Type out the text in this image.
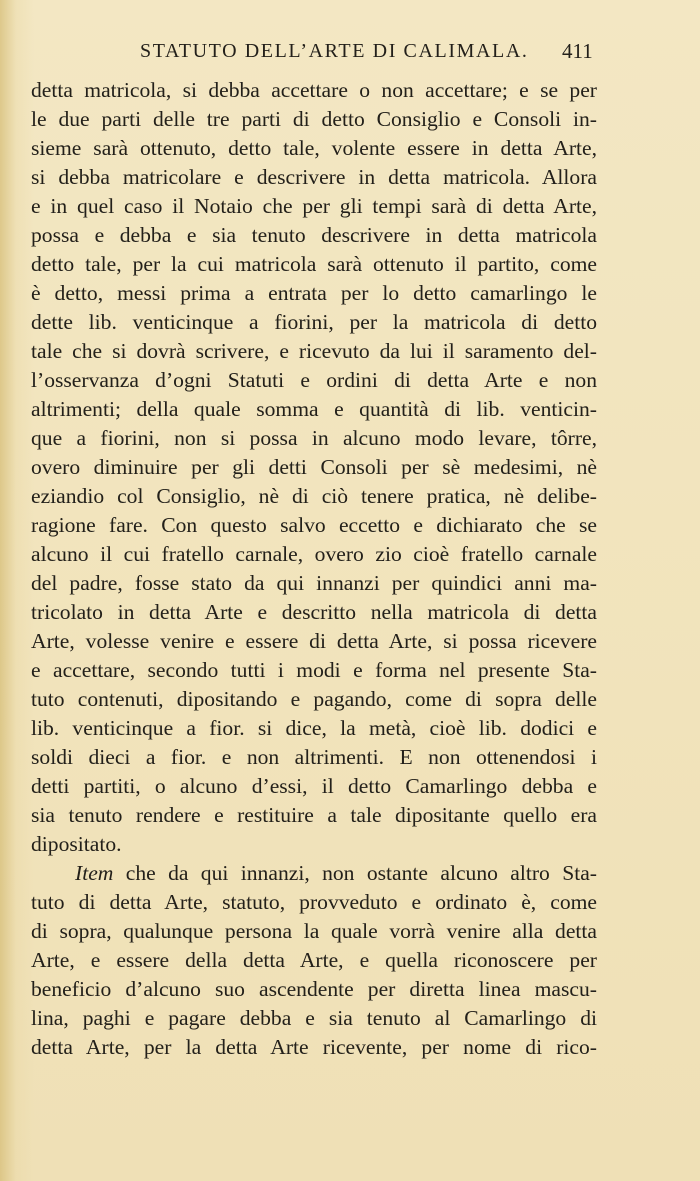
STATUTO DELL’ARTE DI CALIMALA. 411
detta matricola, si debba accettare o non accettare; e se per
le due parti delle tre parti di detto Consiglio e Consoli in-
sieme sarà ottenuto, detto tale, volente essere in detta Arte,
si debba matricolare e descrivere in detta matricola. Allora
e in quel caso il Notaio che per gli tempi sarà di detta Arte,
possa e debba e sia tenuto descrivere in detta matricola
detto tale, per la cui matricola sarà ottenuto il partito, come
è detto, messi prima a entrata per lo detto camarlingo le
dette lib. venticinque a fiorini, per la matricola di detto
tale che si dovrà scrivere, e ricevuto da lui il saramento del-
l’osservanza d’ogni Statuti e ordini di detta Arte e non
altrimenti; della quale somma e quantità di lib. venticin-
que a fiorini, non si possa in alcuno modo levare, tôrre,
overo diminuire per gli detti Consoli per sè medesimi, nè
eziandio col Consiglio, nè di ciò tenere pratica, nè delibe-
ragione fare. Con questo salvo eccetto e dichiarato che se
alcuno il cui fratello carnale, overo zio cioè fratello carnale
del padre, fosse stato da qui innanzi per quindici anni ma-
tricolato in detta Arte e descritto nella matricola di detta
Arte, volesse venire e essere di detta Arte, si possa ricevere
e accettare, secondo tutti i modi e forma nel presente Sta-
tuto contenuti, dipositando e pagando, come di sopra delle
lib. venticinque a fior. si dice, la metà, cioè lib. dodici e
soldi dieci a fior. e non altrimenti. E non ottenendosi i
detti partiti, o alcuno d’essi, il detto Camarlingo debba e
sia tenuto rendere e restituire a tale dipositante quello era
dipositato.
Item che da qui innanzi, non ostante alcuno altro Sta-
tuto di detta Arte, statuto, provveduto e ordinato è, come
di sopra, qualunque persona la quale vorrà venire alla detta
Arte, e essere della detta Arte, e quella riconoscere per
beneficio d’alcuno suo ascendente per diretta linea mascu-
lina, paghi e pagare debba e sia tenuto al Camarlingo di
detta Arte, per la detta Arte ricevente, per nome di rico-
